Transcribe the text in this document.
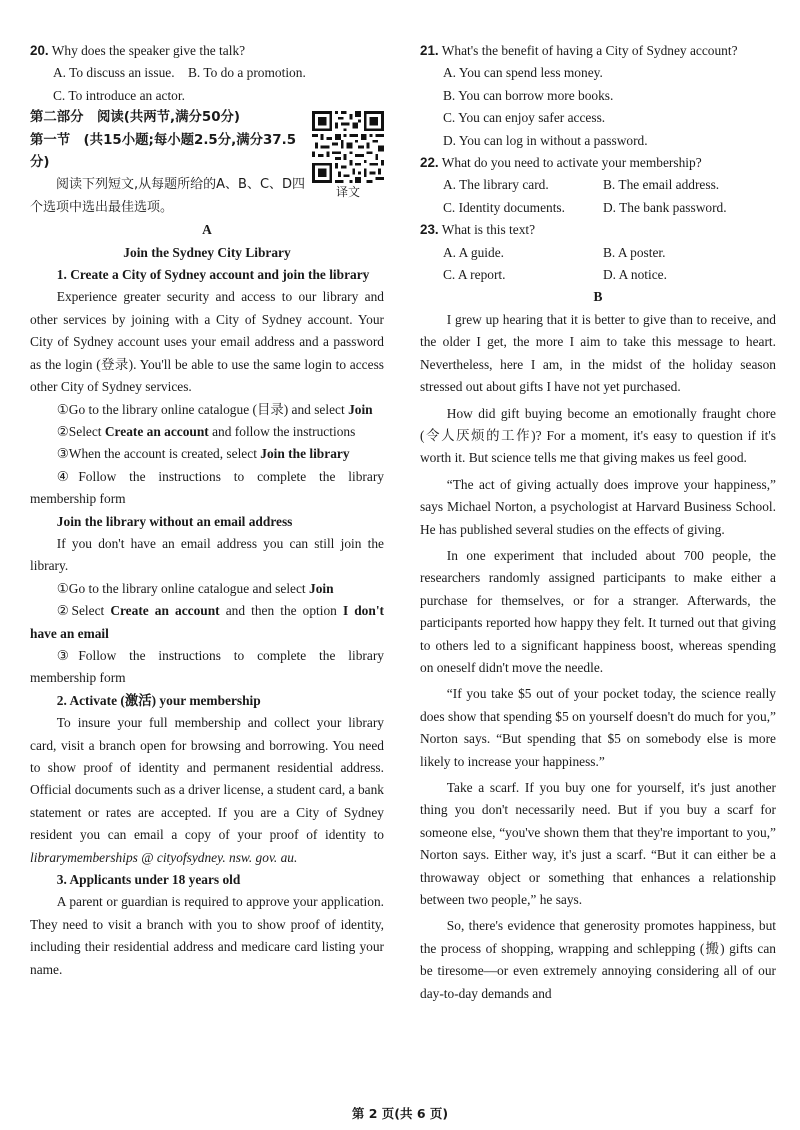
20. Why does the speaker give the talk?

A. To discuss an issue. B. To do a promotion.

C. To introduce an actor.

第二部分　阅读(共两节,满分50分)

第一节　(共15小题;每小题2.5分,满分37.5分)

阅读下列短文,从每题所给的A、B、C、D四个选项中选出最佳选项。

A

Join the Sydney City Library

1. Create a City of Sydney account and join the library

Experience greater security and access to our library and other services by joining with a City of Sydney account. Your City of Sydney account uses your email address and a password as the login (登录). You'll be able to use the same login to access other City of Sydney services.

①Go to the library online catalogue (目录) and select Join

②Select Create an account and follow the instructions

③When the account is created, select Join the library

④Follow the instructions to complete the library membership form

Join the library without an email address

If you don't have an email address you can still join the library.

①Go to the library online catalogue and select Join

②Select Create an account and then the option I don't have an email

③Follow the instructions to complete the library membership form

2. Activate (激活) your membership

To insure your full membership and collect your library card, visit a branch open for browsing and borrowing. You need to show proof of identity and permanent residential address. Official documents such as a driver license, a student card, a bank statement or rates are accepted. If you are a City of Sydney resident you can email a copy of your proof of identity to librarymemberships @ cityofsydney. nsw. gov. au.

3. Applicants under 18 years old

A parent or guardian is required to approve your application. They need to visit a branch with you to show proof of identity, including their residential address and medicare card listing your name.

译文

21. What's the benefit of having a City of Sydney account?

A. You can spend less money.

B. You can borrow more books.

C. You can enjoy safer access.

D. You can log in without a password.

22. What do you need to activate your membership?

A. The library card.	B. The email address.

C. Identity documents.	D. The bank password.

23. What is this text?

A. A guide.	B. A poster.

C. A report.	D. A notice.

B

I grew up hearing that it is better to give than to receive, and the older I get, the more I aim to take this message to heart. Nevertheless, here I am, in the midst of the holiday season stressed out about gifts I have not yet purchased.

How did gift buying become an emotionally fraught chore (令人厌烦的工作)? For a moment, it's easy to question if it's worth it. But science tells me that giving makes us feel good.

“The act of giving actually does improve your happiness,” says Michael Norton, a psychologist at Harvard Business School. He has published several studies on the effects of giving.

In one experiment that included about 700 people, the researchers randomly assigned participants to make either a purchase for themselves, or for a stranger. Afterwards, the participants reported how happy they felt. It turned out that giving to others led to a significant happiness boost, whereas spending on oneself didn't move the needle.

“If you take $5 out of your pocket today, the science really does show that spending $5 on yourself doesn't do much for you,” Norton says. “But spending that $5 on somebody else is more likely to increase your happiness.”

Take a scarf. If you buy one for yourself, it's just another thing you don't necessarily need. But if you buy a scarf for someone else, “you've shown them that they're important to you,” Norton says. Either way, it's just a scarf. “But it can either be a throwaway object or something that enhances a relationship between two people,” he says.

So, there's evidence that generosity promotes happiness, but the process of shopping, wrapping and schlepping (搬) gifts can be tiresome—or even extremely annoying considering all of our day-to-day demands and

第 2 页(共 6 页)
